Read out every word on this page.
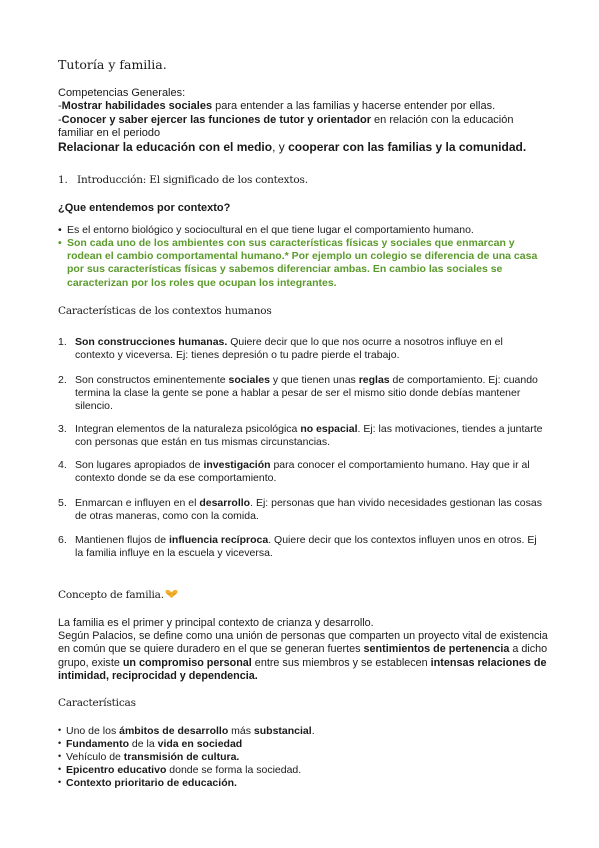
Tutoría y familia.
Competencias Generales:
-Mostrar habilidades sociales para entender a las familias y hacerse entender por ellas.
-Conocer y saber ejercer las funciones de tutor y orientador en relación con la educación familiar en el periodo
Relacionar la educación con el medio, y cooperar con las familias y la comunidad.
1. Introducción: El significado de los contextos.
¿Que entendemos por contexto?
• Es el entorno biológico y sociocultural en el que tiene lugar el comportamiento humano.
• Son cada uno de los ambientes con sus características físicas y sociales que enmarcan y rodean el cambio comportamental humano.* Por ejemplo un colegio se diferencia de una casa por sus características físicas y sabemos diferenciar ambas. En cambio las sociales se caracterizan por los roles que ocupan los integrantes.
Características de los contextos humanos
1. Son construcciones humanas. Quiere decir que lo que nos ocurre a nosotros influye en el contexto y viceversa. Ej: tienes depresión o tu padre pierde el trabajo.
2. Son constructos eminentemente sociales y que tienen unas reglas de comportamiento. Ej: cuando termina la clase la gente se pone a hablar a pesar de ser el mismo sitio donde debías mantener silencio.
3. Integran elementos de la naturaleza psicológica no espacial. Ej: las motivaciones, tiendes a juntarte con personas que están en tus mismas circunstancias.
4. Son lugares apropiados de investigación para conocer el comportamiento humano. Hay que ir al contexto donde se da ese comportamiento.
5. Enmarcan e influyen en el desarrollo. Ej: personas que han vivido necesidades gestionan las cosas de otras maneras, como con la comida.
6. Mantienen flujos de influencia recíproca. Quiere decir que los contextos influyen unos en otros. Ej la familia influye en la escuela y viceversa.
Concepto de familia.
La familia es el primer y principal contexto de crianza y desarrollo.
Según Palacios, se define como una unión de personas que comparten un proyecto vital de existencia en común que se quiere duradero en el que se generan fuertes sentimientos de pertenencia a dicho grupo, existe un compromiso personal entre sus miembros y se establecen intensas relaciones de intimidad, reciprocidad y dependencia.
Características
• Uno de los ámbitos de desarrollo más substancial.
• Fundamento de la vida en sociedad
• Vehículo de transmisión de cultura.
• Epicentro educativo donde se forma la sociedad.
• Contexto prioritario de educación.
